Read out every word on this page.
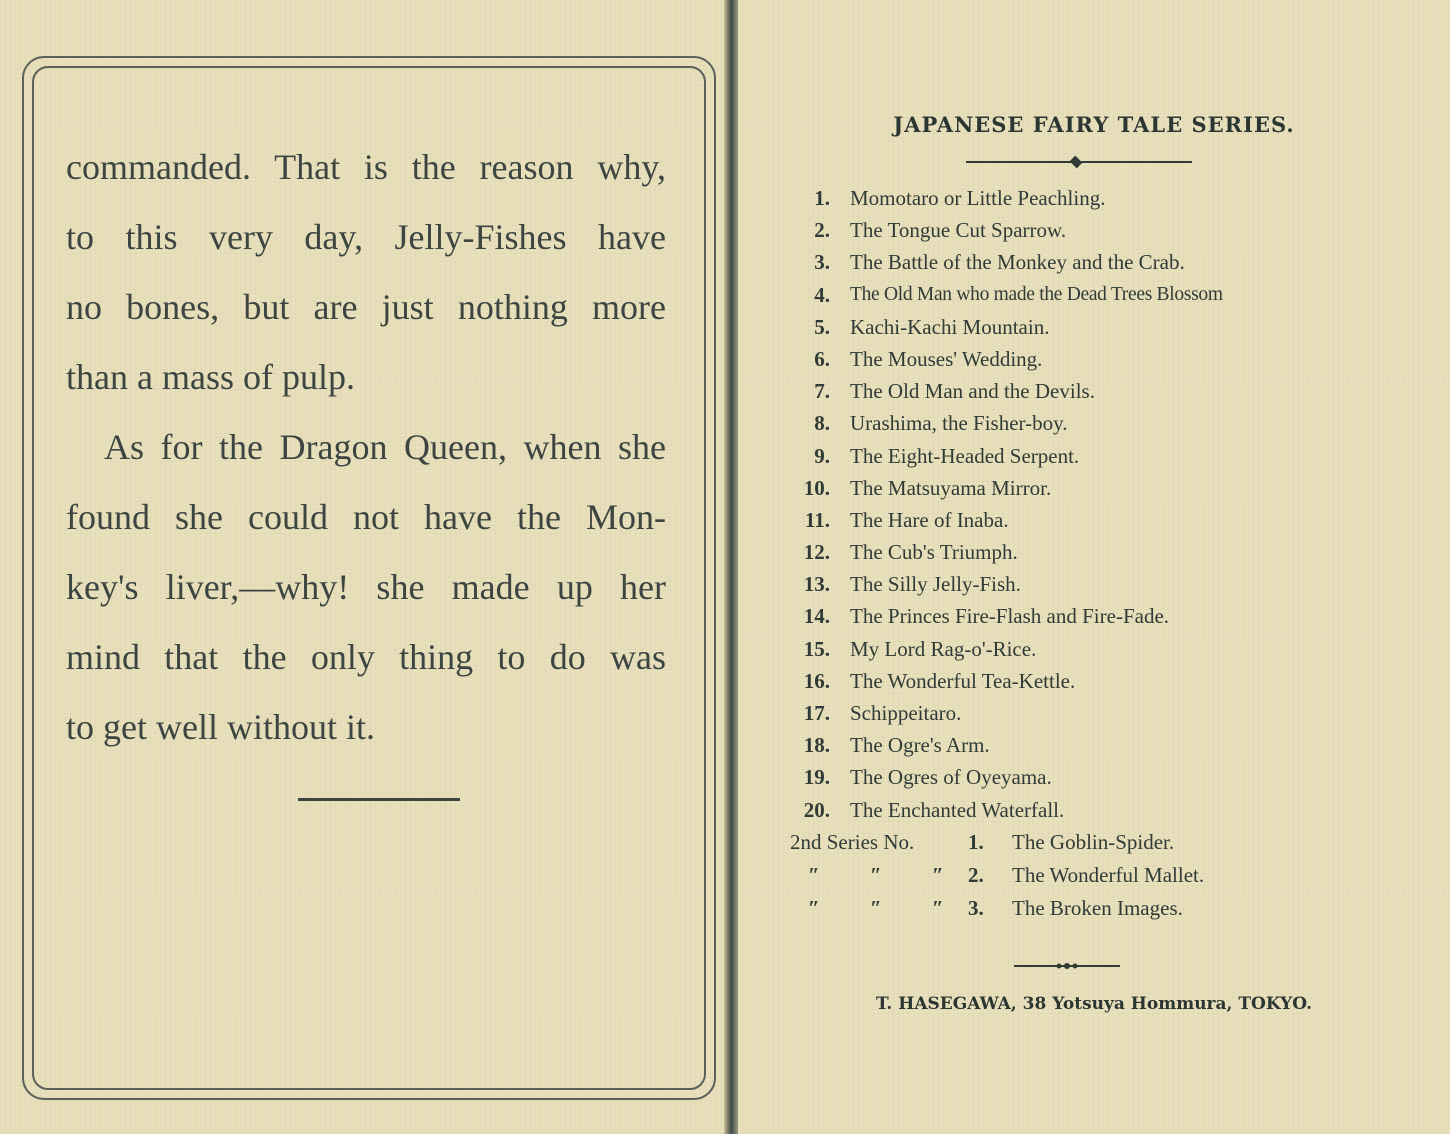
commanded. That is the reason why,
to this very day, Jelly-Fishes have
no bones, but are just nothing more
than a mass of pulp.
As for the Dragon Queen, when she
found she could not have the Mon-
key's liver,—why! she made up her
mind that the only thing to do was
to get well without it.
JAPANESE FAIRY TALE SERIES.
1. Momotaro or Little Peachling.
2. The Tongue Cut Sparrow.
3. The Battle of the Monkey and the Crab.
4. The Old Man who made the Dead Trees Blossom
5. Kachi-Kachi Mountain.
6. The Mouses' Wedding.
7. The Old Man and the Devils.
8. Urashima, the Fisher-boy.
9. The Eight-Headed Serpent.
10. The Matsuyama Mirror.
11. The Hare of Inaba.
12. The Cub's Triumph.
13. The Silly Jelly-Fish.
14. The Princes Fire-Flash and Fire-Fade.
15. My Lord Rag-o'-Rice.
16. The Wonderful Tea-Kettle.
17. Schippeitaro.
18. The Ogre's Arm.
19. The Ogres of Oyeyama.
20. The Enchanted Waterfall.
2nd Series No.	1. The Goblin-Spider.
″ ″ ″ 2. The Wonderful Mallet.
″ ″ ″ 3. The Broken Images.
T. HASEGAWA, 38 Yotsuya Hommura, TOKYO.
